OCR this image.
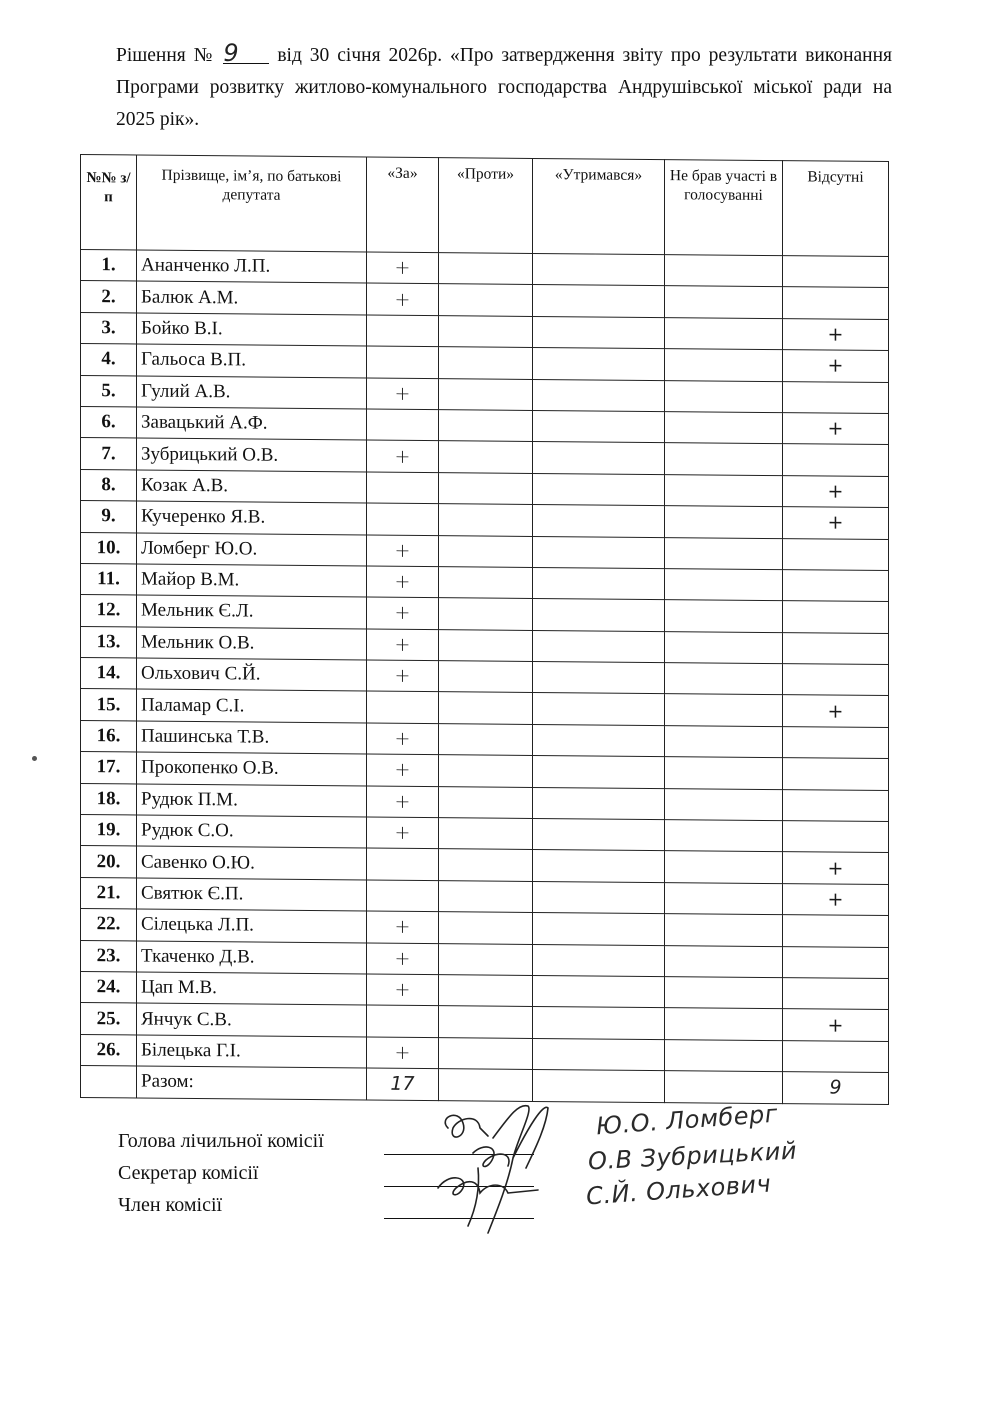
Рішення № 9 від 30 січня 2026р. «Про затвердження звіту про результати виконання Програми розвитку житлово-комунального господарства Андрушівської міської ради на 2025 рік».
№№ з/п	Прізвище, ім’я, по батькові депутата	«За»	«Проти»	«Утримався»	Не брав участі в голосуванні	Відсутні
1.	Ананченко Л.П.	+				
2.	Балюк А.М.	+				
3.	Бойко В.І.					+
4.	Гальоса В.П.					+
5.	Гулий А.В.	+				
6.	Завацький А.Ф.					+
7.	Зубрицький О.В.	+				
8.	Козак А.В.					+
9.	Кучеренко Я.В.					+
10.	Ломберг Ю.О.	+				
11.	Майор В.М.	+				
12.	Мельник Є.Л.	+				
13.	Мельник О.В.	+				
14.	Ольхович С.Й.	+				
15.	Паламар С.І.					+
16.	Пашинська Т.В.	+				
17.	Прокопенко О.В.	+				
18.	Рудюк П.М.	+				
19.	Рудюк С.О.	+				
20.	Савенко О.Ю.					+
21.	Святюк Є.П.					+
22.	Сілецька Л.П.	+				
23.	Ткаченко Д.В.	+				
24.	Цап М.В.	+				
25.	Янчук С.В.					+
26.	Білецька Г.І.	+				
	Разом:	17				9
Голова лічильної комісії
Секретар комісії
Член комісії
Ю.О. Ломберг
О.В Зубрицький
С.Й. Ольхович
